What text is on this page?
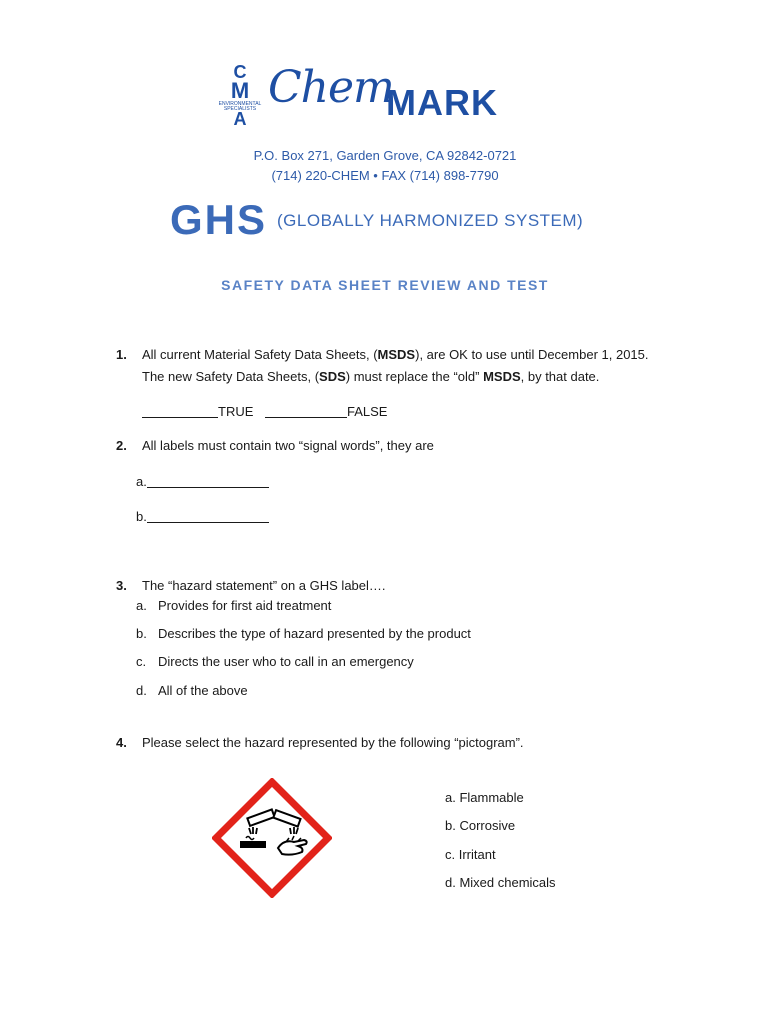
C
M
ENVIRONMENTAL
SPECIALISTS
A
Chem
MARK
P.O. Box 271, Garden Grove, CA 92842-0721
(714) 220-CHEM • FAX (714) 898-7790
GHS (GLOBALLY HARMONIZED SYSTEM)
SAFETY DATA SHEET REVIEW AND TEST
1. All current Material Safety Data Sheets, (MSDS), are OK to use until December 1, 2015.
The new Safety Data Sheets, (SDS) must replace the “old” MSDS, by that date.
TRUE	FALSE
2. All labels must contain two “signal words”, they are
a.
b.
3. The “hazard statement” on a GHS label….
a. Provides for first aid treatment
b. Describes the type of hazard presented by the product
c. Directs the user who to call in an emergency
d. All of the above
4. Please select the hazard represented by the following “pictogram”.
a. Flammable
b. Corrosive
c. Irritant
d. Mixed chemicals
